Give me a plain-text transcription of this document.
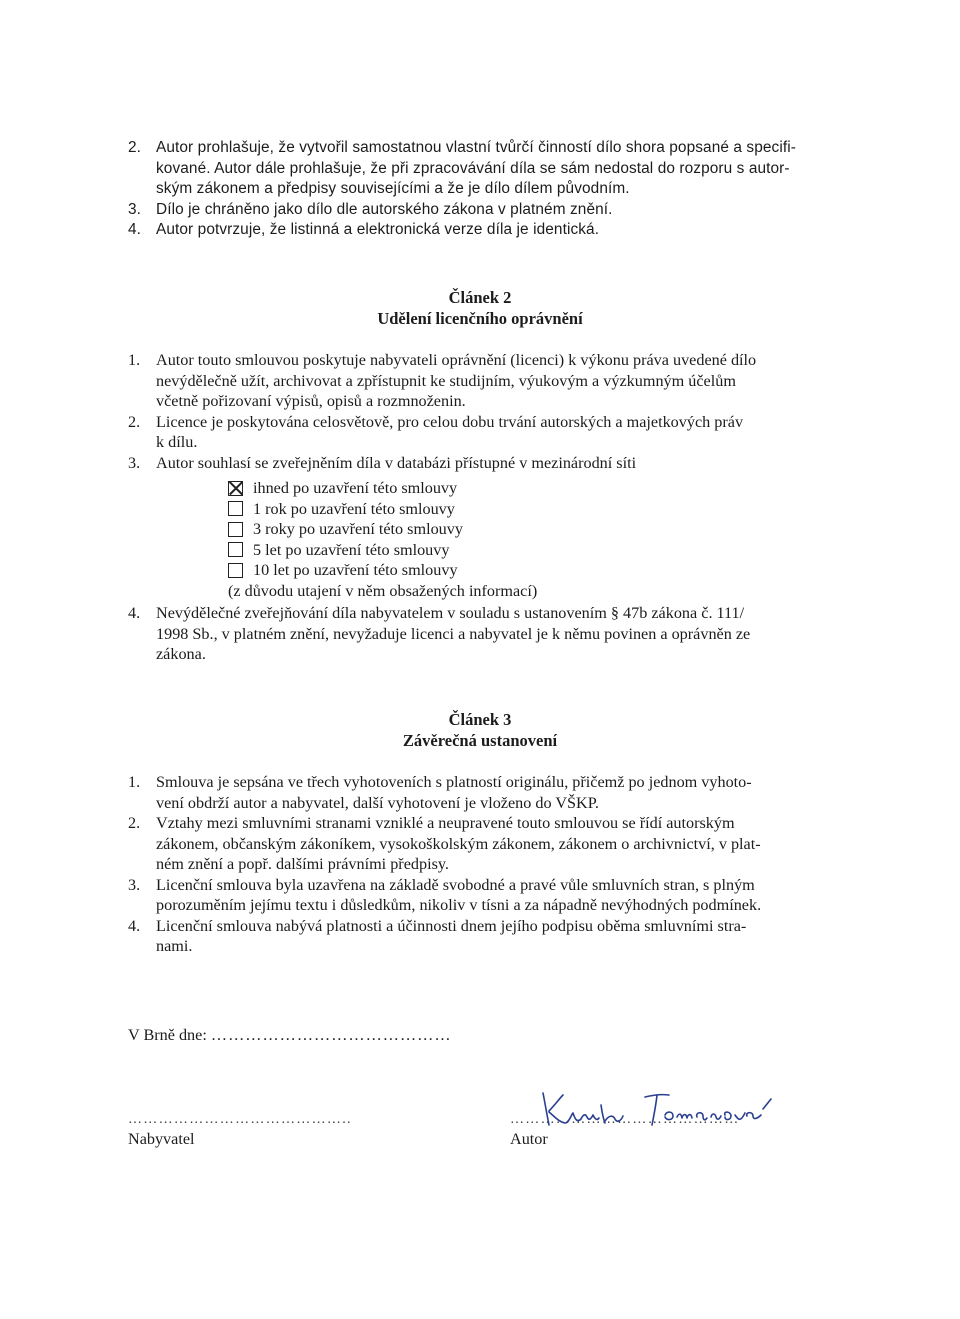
2. Autor prohlašuje, že vytvořil samostatnou vlastní tvůrčí činností dílo shora popsané a specifi-
kované. Autor dále prohlašuje, že při zpracovávání díla se sám nedostal do rozporu s autor-
ským zákonem a předpisy souvisejícími a že je dílo dílem původním.
3. Dílo je chráněno jako dílo dle autorského zákona v platném znění.
4. Autor potvrzuje, že listinná a elektronická verze díla je identická.
Článek 2
Udělení licenčního oprávnění
1. Autor touto smlouvou poskytuje nabyvateli oprávnění (licenci) k výkonu práva uvedené dílo
nevýdělečně užít, archivovat a zpřístupnit ke studijním, výukovým a výzkumným účelům
včetně pořizovaní výpisů, opisů a rozmnoženin.
2. Licence je poskytována celosvětově, pro celou dobu trvání autorských a majetkových práv
k dílu.
3. Autor souhlasí se zveřejněním díla v databázi přístupné v mezinárodní síti
ihned po uzavření této smlouvy
1 rok po uzavření této smlouvy
3 roky po uzavření této smlouvy
5 let po uzavření této smlouvy
10 let po uzavření této smlouvy
(z důvodu utajení v něm obsažených informací)
4. Nevýdělečné zveřejňování díla nabyvatelem v souladu s ustanovením § 47b zákona č. 111/
1998 Sb., v platném znění, nevyžaduje licenci a nabyvatel je k němu povinen a oprávněn ze
zákona.
Článek 3
Závěrečná ustanovení
1. Smlouva je sepsána ve třech vyhotoveních s platností originálu, přičemž po jednom vyhoto-
vení obdrží autor a nabyvatel, další vyhotovení je vloženo do VŠKP.
2. Vztahy mezi smluvními stranami vzniklé a neupravené touto smlouvou se řídí autorským
zákonem, občanským zákoníkem, vysokoškolským zákonem, zákonem o archivnictví, v plat-
ném znění a popř. dalšími právními předpisy.
3. Licenční smlouva byla uzavřena na základě svobodné a pravé vůle smluvních stran, s plným
porozuměním jejímu textu i důsledkům, nikoliv v tísni a za nápadně nevýhodných podmínek.
4. Licenční smlouva nabývá platnosti a účinnosti dnem jejího podpisu oběma smluvními stra-
nami.
V Brně dne: ……………………………………
……………………………………..
Nabyvatel
………………………………………
Autor
